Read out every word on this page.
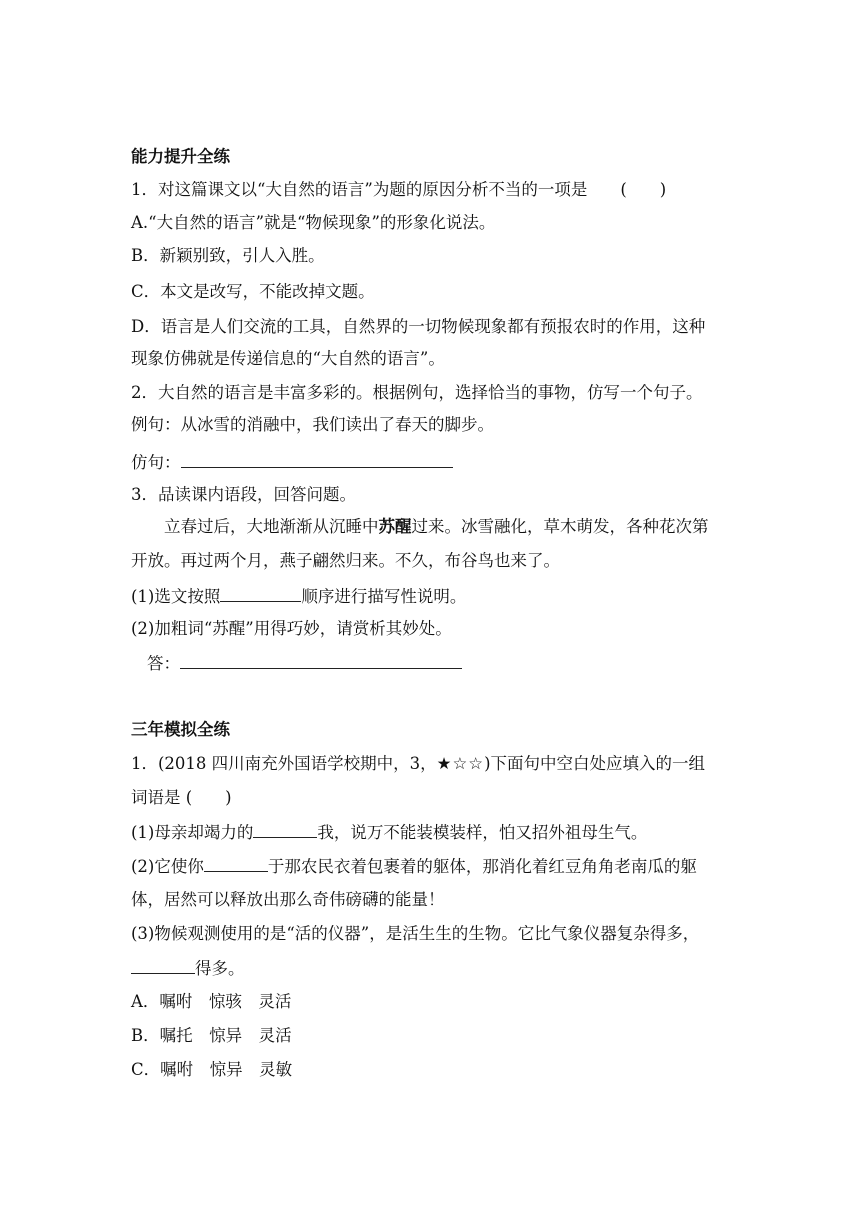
能力提升全练
1．对这篇课文以“大自然的语言”为题的原因分析不当的一项是　　(　　)
A.“大自然的语言”就是“物候现象”的形象化说法。
B．新颖别致，引人入胜。
C．本文是改写，不能改掉文题。
D．语言是人们交流的工具，自然界的一切物候现象都有预报农时的作用，这种
现象仿佛就是传递信息的“大自然的语言”。
2．大自然的语言是丰富多彩的。根据例句，选择恰当的事物，仿写一个句子。
例句：从冰雪的消融中，我们读出了春天的脚步。
仿句：
3．品读课内语段，回答问题。
立春过后，大地渐渐从沉睡中苏醒过来。冰雪融化，草木萌发，各种花次第
开放。再过两个月，燕子翩然归来。不久，布谷鸟也来了。
(1)选文按照	顺序进行描写性说明。
(2)加粗词“苏醒”用得巧妙，请赏析其妙处。
答：
三年模拟全练
1．(2018 四川南充外国语学校期中，3，★☆☆)下面句中空白处应填入的一组
词语是 (　　)
(1)母亲却竭力的	我，说万不能装模装样，怕又招外祖母生气。
(2)它使你	于那农民衣着包裹着的躯体，那消化着红豆角角老南瓜的躯
体，居然可以释放出那么奇伟磅礴的能量！
(3)物候观测使用的是“活的仪器”，是活生生的生物。它比气象仪器复杂得多，
得多。
A．嘱咐　惊骇　灵活
B．嘱托　惊异　灵活
C．嘱咐　惊异　灵敏
